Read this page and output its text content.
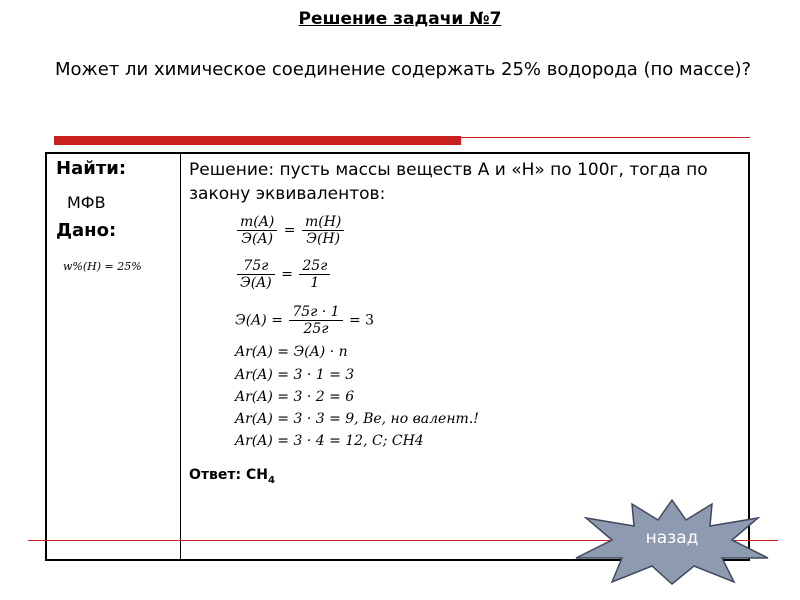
Решение задачи №7
Может ли химическое соединение содержать 25% водорода (по массе)?
Найти:
МФВ
Дано:
w%(H) = 25%
Решение: пусть массы веществ А и «Н» по 100г, тогда по закону эквивалентов:
$\frac{m(A)}{Э(A)} = \frac{m(H)}{Э(H)}$
$\frac{75г}{Э(A)} = \frac{25г}{1}$
$Э(A) = \frac{75г \cdot 1}{25г} = 3$
Ar(A) = Э(A) · n
Ar(A) = 3 · 1 = 3
Ar(A) = 3 · 2 = 6
Ar(A) = 3 · 3 = 9, Be, но валент.!
Ar(A) = 3 · 4 = 12, C; CH4
Ответ: $CH_4$
назад
